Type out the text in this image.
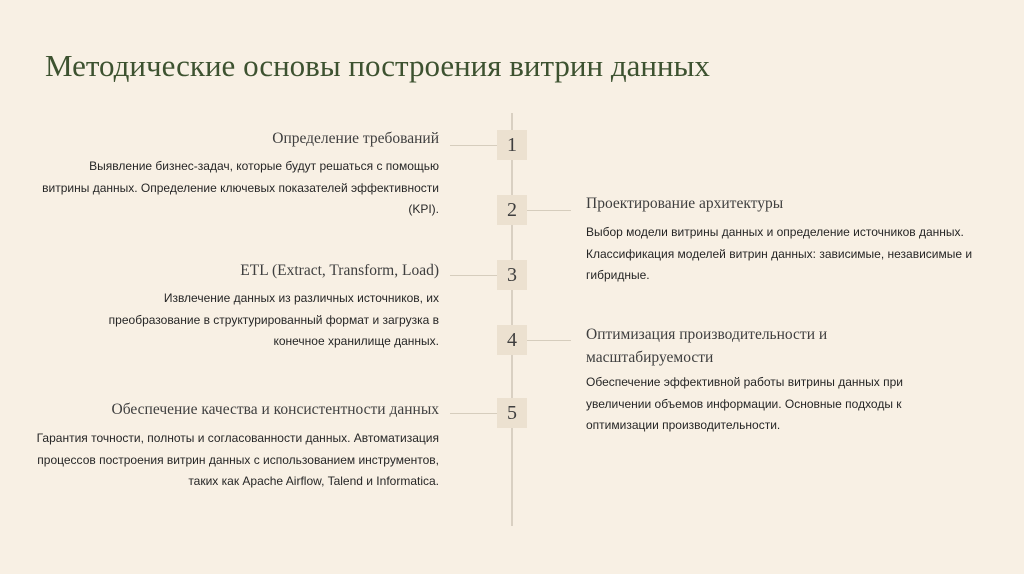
Методические основы построения витрин данных
1
2
3
4
5
Определение требований

Выявление бизнес-задач, которые будут решаться с помощью витрины данных. Определение ключевых показателей эффективности (KPI).	Проектирование архитектуры

Выбор модели витрины данных и определение источников данных. Классификация моделей витрин данных: зависимые, независимые и гибридные.

ETL (Extract, Transform, Load)

Извлечение данных из различных источников, их преобразование в структурированный формат и загрузка в конечное хранилище данных.	Оптимизация производительности и масштабируемости

Обеспечение эффективной работы витрины данных при увеличении объемов информации. Основные подходы к оптимизации производительности.

Обеспечение качества и консистентности данных

Гарантия точности, полноты и согласованности данных. Автоматизация процессов построения витрин данных с использованием инструментов, таких как Apache Airflow, Talend и Informatica.
